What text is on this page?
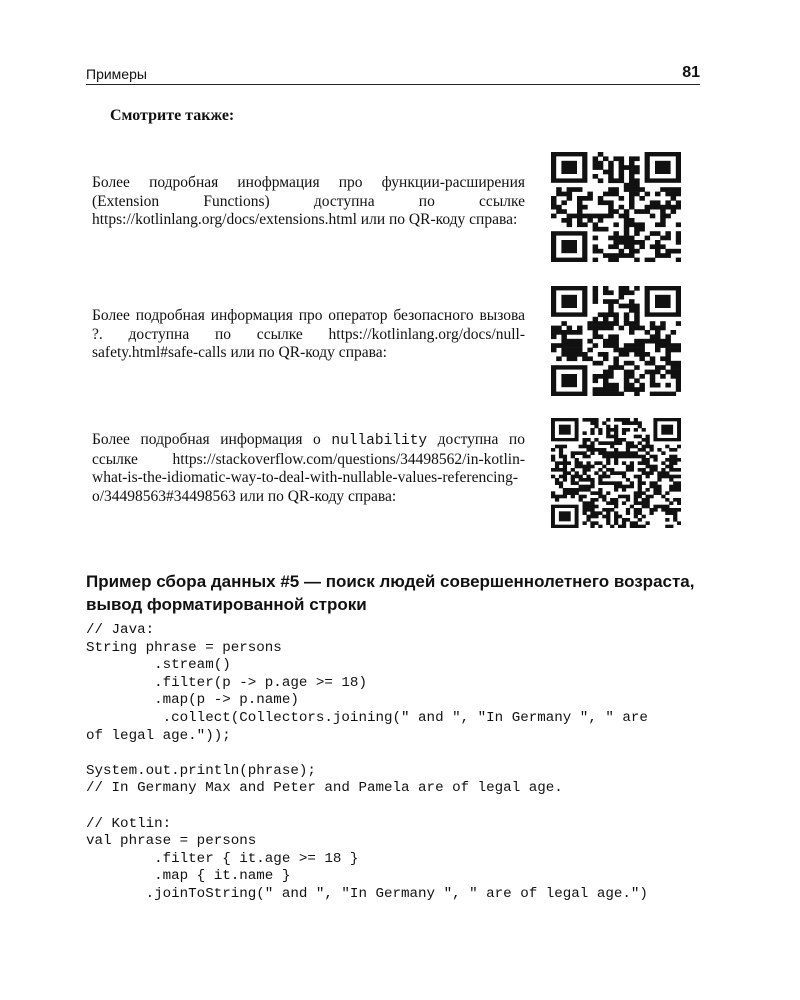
Примеры	81
Смотрите также:
Более подробная инофрмация про функции-расширения (Extension Functions) доступна по ссылке https://kotlinlang.org/docs/extensions.html или по QR-коду справа:
Более подробная информация про оператор безопасного вызова ?. доступна по ссылке https://kotlinlang.org/docs/null-safety.html#safe-calls или по QR-коду справа:
Более подробная информация о nullability доступна по ссылке https://stackoverflow.com/questions/34498562/in-kotlin-what-is-the-idiomatic-way-to-deal-with-nullable-values-referencing-o/34498563#34498563 или по QR-коду справа:
Пример сбора данных #5 — поиск людей совершеннолетнего возраста, вывод форматированной строки
// Java:
String phrase = persons
.stream()
.filter(p -> p.age >= 18)
.map(p -> p.name)
.collect(Collectors.joining(" and ", "In Germany ", " are
of legal age."));

System.out.println(phrase);
// In Germany Max and Peter and Pamela are of legal age.

// Kotlin:
val phrase = persons
.filter { it.age >= 18 }
.map { it.name }
.joinToString(" and ", "In Germany ", " are of legal age.")
